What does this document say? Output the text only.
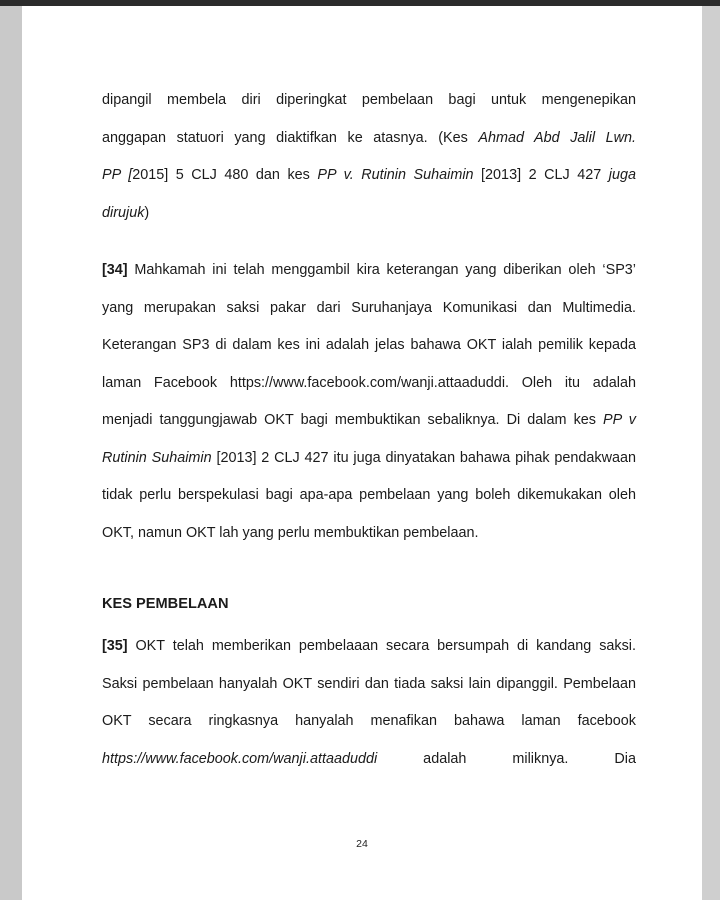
dipangil membela diri diperingkat pembelaan bagi untuk mengenepikan

anggapan statuori yang diaktifkan ke atasnya. (Kes Ahmad Abd Jalil Lwn.

PP [2015] 5 CLJ 480 dan kes PP v. Rutinin Suhaimin [2013] 2 CLJ 427 juga

dirujuk)

[34] Mahkamah ini telah menggambil kira keterangan yang diberikan oleh ‘SP3’ yang merupakan saksi pakar dari Suruhanjaya Komunikasi dan Multimedia. Keterangan SP3 di dalam kes ini adalah jelas bahawa OKT ialah pemilik kepada laman Facebook https://www.facebook.com/wanji.attaaduddi. Oleh itu adalah menjadi tanggungjawab OKT bagi membuktikan sebaliknya. Di dalam kes PP v Rutinin Suhaimin [2013] 2 CLJ 427 itu juga dinyatakan bahawa pihak pendakwaan tidak perlu berspekulasi bagi apa-apa pembelaan yang boleh dikemukakan oleh OKT, namun OKT lah yang perlu membuktikan pembelaan.

KES PEMBELAAN

[35] OKT telah memberikan pembelaaan secara bersumpah di kandang saksi. Saksi pembelaan hanyalah OKT sendiri dan tiada saksi lain dipanggil. Pembelaan OKT secara ringkasnya hanyalah menafikan bahawa laman facebook https://www.facebook.com/wanji.attaaduddi adalah miliknya. Dia

24
